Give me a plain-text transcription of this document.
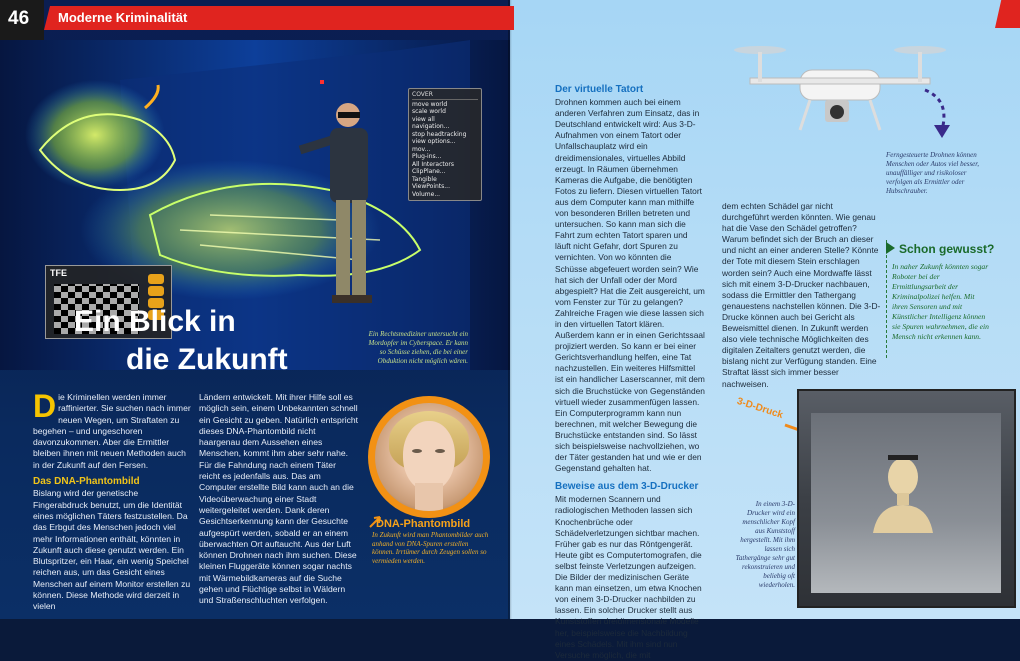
COVER
move world
scale world
view all
navigation...
stop headtracking
view options...
mov...
Plug-ins...
All Interactors
ClipPlane...
Tangible
ViewPoints...
Volume...
TFE
Ein Blick in
die Zukunft
Ein Rechtsmediziner untersucht ein Mordopfer im Cyberspace. Er kann so Schüsse ziehen, die bei einer Obduktion nicht möglich wären.

Die Kriminellen werden immer raffinierter. Sie suchen nach immer neuen Wegen, um Straftaten zu begehen – und ungeschoren davonzukommen. Aber die Ermittler bleiben ihnen mit neuen Methoden auch in der Zukunft auf den Fersen.

Das DNA-Phantombild

Bislang wird der genetische Fingerabdruck benutzt, um die Identität eines möglichen Täters festzustellen. Da das Erbgut des Menschen jedoch viel mehr Informationen enthält, könnten in Zukunft auch diese genutzt werden. Ein Blutspritzer, ein Haar, ein wenig Speichel reichen aus, um das Gesicht eines Menschen auf einem Monitor erstellen zu können. Diese Methode wird derzeit in vielen

Ländern entwickelt. Mit ihrer Hilfe soll es möglich sein, einem Unbekannten schnell ein Gesicht zu geben. Natürlich entspricht dieses DNA-Phantombild nicht haargenau dem Aussehen eines Menschen, kommt ihm aber sehr nahe. Für die Fahndung nach einem Täter reicht es jedenfalls aus. Das am Computer erstellte Bild kann auch an die Videoüberwachung einer Stadt weitergeleitet werden. Dank deren Gesichtserkennung kann der Gesuchte aufgespürt werden, sobald er an einem überwachten Ort auftaucht. Aus der Luft können Drohnen nach ihm suchen. Diese kleinen Fluggeräte können sogar nachts mit Wärmebildkameras auf die Suche gehen und Flüchtige selbst in Wäldern und Straßenschluchten verfolgen.

DNA-Phantombild
In Zukunft wird man Phantombilder auch anhand von DNA-Spuren erstellen können. Irrtümer durch Zeugen sollen so vermieden werden.
46 Moderne Kriminalität
Der virtuelle Tatort

Drohnen kommen auch bei einem anderen Verfahren zum Einsatz, das in Deutschland entwickelt wird: Aus 3-D-Aufnahmen von einem Tatort oder Unfallschauplatz wird ein dreidimensionales, virtuelles Abbild erzeugt. In Räumen übernehmen Kameras die Aufgabe, die benötigten Fotos zu liefern. Diesen virtuellen Tatort aus dem Computer kann man mithilfe von besonderen Brillen betreten und untersuchen. So kann man sich die Fahrt zum echten Tatort sparen und läuft nicht Gefahr, dort Spuren zu vernichten. Von wo könnten die Schüsse abgefeuert worden sein? Wie hat sich der Unfall oder der Mord abgespielt? Hat die Zeit ausgereicht, um vom Fenster zur Tür zu gelangen? Zahlreiche Fragen wie diese lassen sich in den virtuellen Tatort klären. Außerdem kann er in einen Gerichtssaal projiziert werden. So kann er bei einer Gerichtsverhandlung helfen, eine Tat nachzustellen. Ein weiteres Hilfsmittel ist ein handlicher Laserscanner, mit dem sich die Bruchstücke von Gegenständen virtuell wieder zusammenfügen lassen. Ein Computerprogramm kann nun berechnen, mit welcher Bewegung die Bruchstücke entstanden sind. So lässt sich beispielsweise nachvollziehen, wo der Täter gestanden hat und wie er den Gegenstand gehalten hat.

Beweise aus dem 3-D-Drucker

Mit modernen Scannern und radiologischen Methoden lassen sich Knochenbrüche oder Schädelverletzungen sichtbar machen. Früher gab es nur das Röntgengerät. Heute gibt es Computertomografen, die selbst feinste Verletzungen aufzeigen. Die Bilder der medizinischen Geräte kann man einsetzen, um etwa Knochen von einem 3-D-Drucker nachbilden zu lassen. Ein solcher Drucker stellt aus Kunststoffen dreidimensionale Modelle her, beispielsweise die Nachbildung eines Schädels. Mit ihm sind nun Versuche möglich, die mit

dem echten Schädel gar nicht durchgeführt werden könnten. Wie genau hat die Vase den Schädel getroffen? Warum befindet sich der Bruch an dieser und nicht an einer anderen Stelle? Könnte der Tote mit diesem Stein erschlagen worden sein? Auch eine Mordwaffe lässt sich mit einem 3-D-Drucker nachbauen, sodass die Ermittler den Tathergang genauestens nachstellen können. Die 3-D-Drucke können auch bei Gericht als Beweismittel dienen. In Zukunft werden also viele technische Möglichkeiten des digitalen Zeitalters genutzt werden, die bislang nicht zur Verfügung standen. Eine Straftat lässt sich immer besser nachweisen.

Ferngesteuerte Drohnen können Menschen oder Autos viel besser, unauffälliger und risikoloser verfolgen als Ermittler oder Hubschrauber.
Schon gewusst?
In naher Zukunft könnten sogar Roboter bei der Ermittlungsarbeit der Kriminalpolizei helfen. Mit ihren Sensoren und mit Künstlicher Intelligenz können sie Spuren wahrnehmen, die ein Mensch nicht erkennen kann.
3-D-Druck
In einem 3-D-Drucker wird ein menschlicher Kopf aus Kunststoff hergestellt. Mit ihm lassen sich Tathergänge sehr gut rekonstruieren und beliebig oft wiederholen.
